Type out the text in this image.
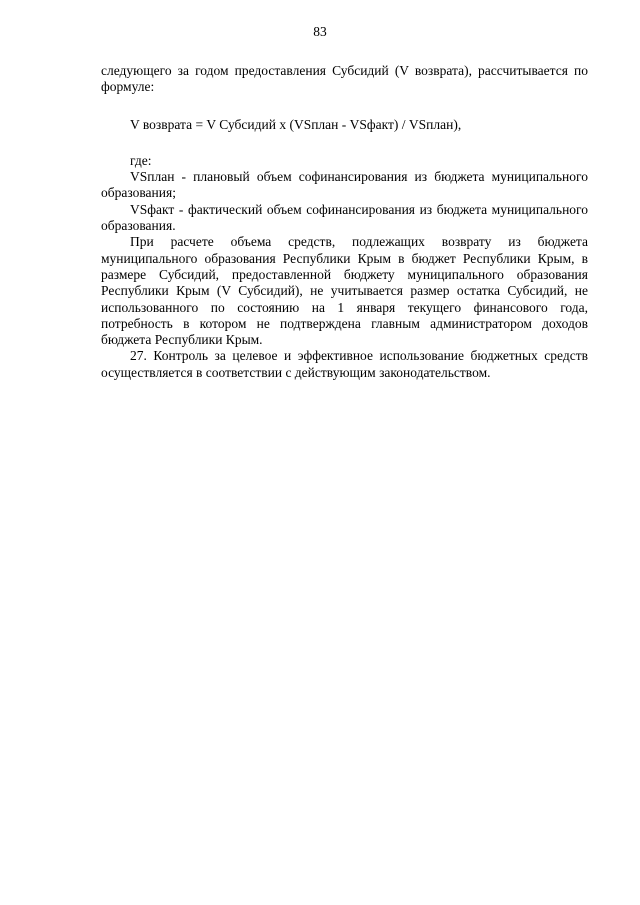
83

следующего за годом предоставления Субсидий (V возврата), рассчитывается по формуле:

V возврата = V Субсидий х (VSплан - VSфакт) / VSплан),

где:

VSплан - плановый объем софинансирования из бюджета муниципального образования;

VSфакт - фактический объем софинансирования из бюджета муниципального образования.

При расчете объема средств, подлежащих возврату из бюджета муниципального образования Республики Крым в бюджет Республики Крым, в размере Субсидий, предоставленной бюджету муниципального образования Республики Крым (V Субсидий), не учитывается размер остатка Субсидий, не использованного по состоянию на 1 января текущего финансового года, потребность в котором не подтверждена главным администратором доходов бюджета Республики Крым.

27. Контроль за целевое и эффективное использование бюджетных средств осуществляется в соответствии с действующим законодательством.
